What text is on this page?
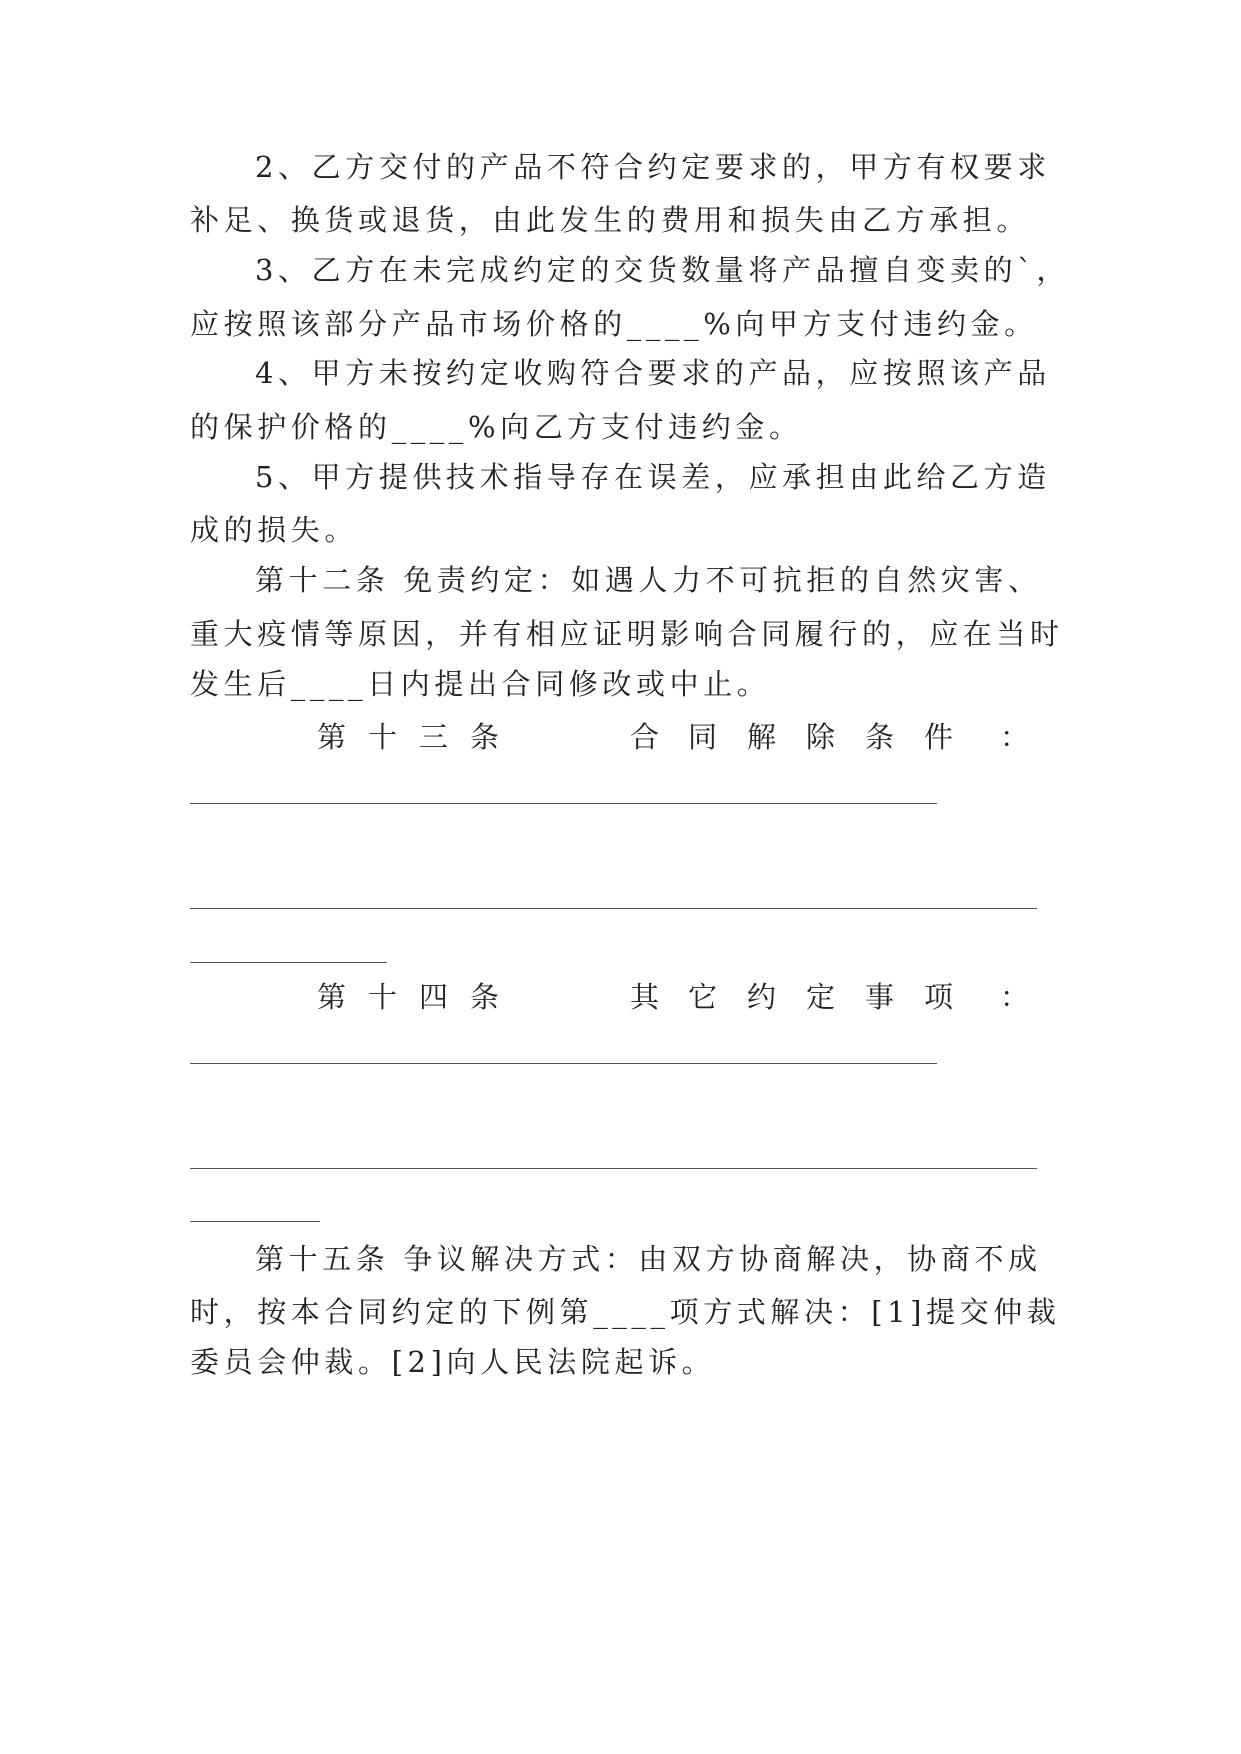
2、乙方交付的产品不符合约定要求的，甲方有权要求
补足、换货或退货，由此发生的费用和损失由乙方承担。
3、乙方在未完成约定的交货数量将产品擅自变卖的`，
应按照该部分产品市场价格的____%向甲方支付违约金。
4、甲方未按约定收购符合要求的产品，应按照该产品
的保护价格的____%向乙方支付违约金。
5、甲方提供技术指导存在误差，应承担由此给乙方造
成的损失。
第十二条 免责约定：如遇人力不可抗拒的自然灾害、
重大疫情等原因，并有相应证明影响合同履行的，应在当时
发生后____日内提出合同修改或中止。
第 十 三 条	合 同 解 除 条 件 ：
第 十 四 条	其 它 约 定 事 项 ：
第十五条 争议解决方式：由双方协商解决，协商不成
时，按本合同约定的下例第____项方式解决：[1]提交仲裁
委员会仲裁。[2]向人民法院起诉。
